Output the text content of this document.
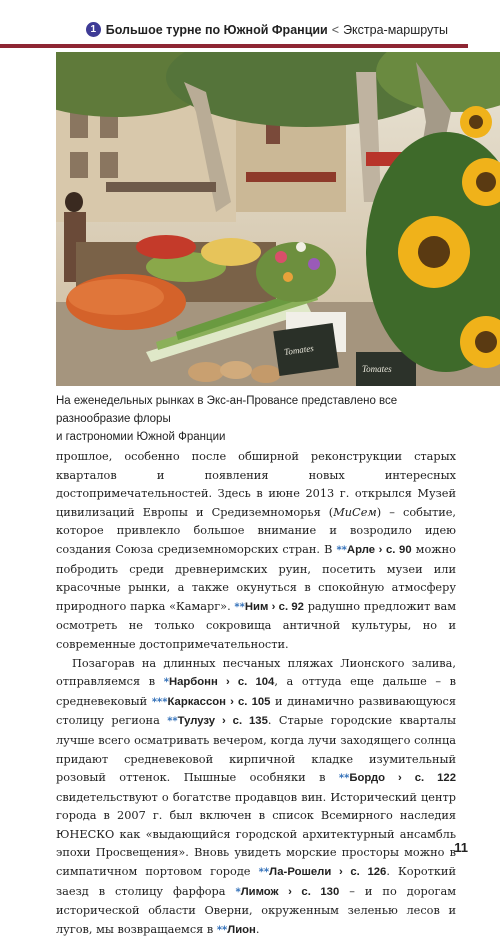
1 Большое турне по Южной Франции < Экстра-маршруты
Tomates
Tomates
На еженедельных рынках в Экс-ан-Провансе представлено все разнообразие флоры
и гастрономии Южной Франции

прошлое, особенно после обширной реконструкции старых кварталов и появления новых интересных достопримечательностей. Здесь в июне 2013 г. открылся Музей цивилизаций Европы и Средиземноморья (МиСем) – событие, которое привлекло большое внимание и возродило идею создания Союза средиземноморских стран. В **Арле › с. 90 можно побродить среди древнеримских руин, посетить музеи или красочные рынки, а также окунуться в спокойную атмосферу природного парка «Камарг». **Ним › с. 92 радушно предложит вам осмотреть не только сокровища античной культуры, но и современные достопримечательности.

Позагорав на длинных песчаных пляжах Лионского залива, отправляемся в *Нарбонн › с. 104, а оттуда еще дальше – в средневековый ***Каркассон › с. 105 и динамично развивающуюся столицу региона **Тулузу › с. 135. Старые городские кварталы лучше всего осматривать вечером, когда лучи заходящего солнца придают средневековой кирпичной кладке изумительный розовый оттенок. Пышные особняки в **Бордо › с. 122 свидетельствуют о богатстве продавцов вин. Исторический центр города в 2007 г. был включен в список Всемирного наследия ЮНЕСКО как «выдающийся городской архитектурный ансамбль эпохи Просвещения». Вновь увидеть морские просторы можно в симпатичном портовом городе **Ла-Рошели › с. 126. Короткий заезд в столицу фарфора *Лимож › с. 130 – и по дорогам исторической области Оверни, окруженным зеленью лесов и лугов, мы возвращаемся в **Лион.

11
